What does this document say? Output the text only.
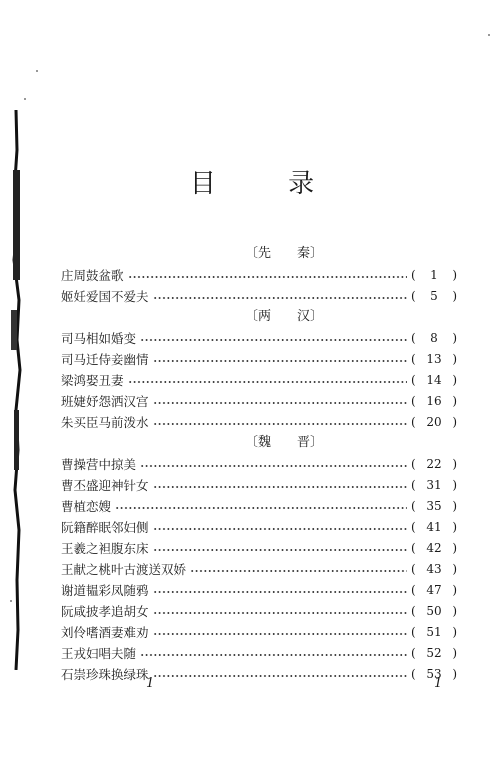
目 录
〔先　　秦〕
庄周鼓盆歌	(	1	)
姬妊爱国不爱夫	(	5	)
〔两　　汉〕
司马相如婚变	(	8	)
司马迁侍妾幽情	( 13 )
梁鸿娶丑妻	( 14 )
班婕妤怨洒汉宫	( 16 )
朱买臣马前泼水	( 20 )
〔魏　　晋〕
曹操营中掠美	( 22 )
曹丕盛迎神针女	( 31 )
曹植恋嫂	( 35 )
阮籍醉眠邻妇侧	( 41 )
王羲之袒腹东床	( 42 )
王献之桃叶古渡送双娇	( 43 )
谢道韫彩凤随鸦	( 47 )
阮咸披孝追胡女	( 50 )
刘伶嗜酒妻难劝	( 51 )
王戎妇唱夫随	( 52 )
石崇珍珠换绿珠	( 53 )
1	1
